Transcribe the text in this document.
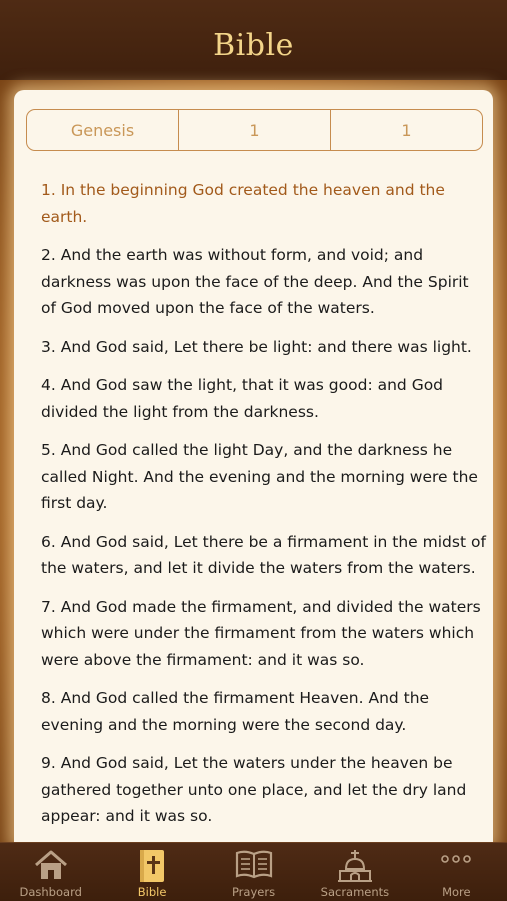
Bible
Genesis	1	1

1. In the beginning God created the heaven and the earth.

2. And the earth was without form, and void; and darkness was upon the face of the deep. And the Spirit of God moved upon the face of the waters.

3. And God said, Let there be light: and there was light.

4. And God saw the light, that it was good: and God divided the light from the darkness.

5. And God called the light Day, and the darkness he called Night. And the evening and the morning were the first day.

6. And God said, Let there be a firmament in the midst of the waters, and let it divide the waters from the waters.

7. And God made the firmament, and divided the waters which were under the firmament from the waters which were above the firmament: and it was so.

8. And God called the firmament Heaven. And the evening and the morning were the second day.

9. And God said, Let the waters under the heaven be gathered together unto one place, and let the dry land appear: and it was so.

Dashboard	Bible	Prayers	Sacraments	More
